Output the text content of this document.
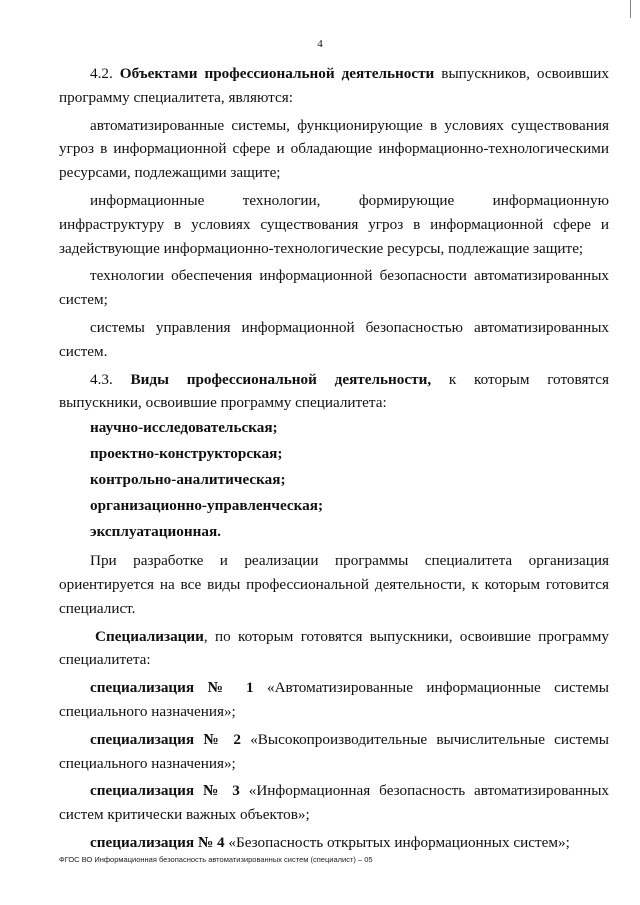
4

4.2. Объектами профессиональной деятельности выпускников, освоивших программу специалитета, являются:

автоматизированные системы, функционирующие в условиях существования угроз в информационной сфере и обладающие информационно-технологическими ресурсами, подлежащими защите;

информационные технологии, формирующие информационную инфраструктуру в условиях существования угроз в информационной сфере и задействующие информационно-технологические ресурсы, подлежащие защите;

технологии обеспечения информационной безопасности автоматизированных систем;

системы управления информационной безопасностью автоматизированных систем.

4.3. Виды профессиональной деятельности, к которым готовятся выпускники, освоившие программу специалитета:

научно-исследовательская;

проектно-конструкторская;

контрольно-аналитическая;

организационно-управленческая;

эксплуатационная.

При разработке и реализации программы специалитета организация ориентируется на все виды профессиональной деятельности, к которым готовится специалист.

Специализации, по которым готовятся выпускники, освоившие программу специалитета:

специализация № 1 «Автоматизированные информационные системы специального назначения»;

специализация № 2 «Высокопроизводительные вычислительные системы специального назначения»;

специализация № 3 «Информационная безопасность автоматизированных систем критически важных объектов»;

специализация № 4 «Безопасность открытых информационных систем»;

ФГОС ВО Информационная безопасность автоматизированных систем (специалист) – 05
